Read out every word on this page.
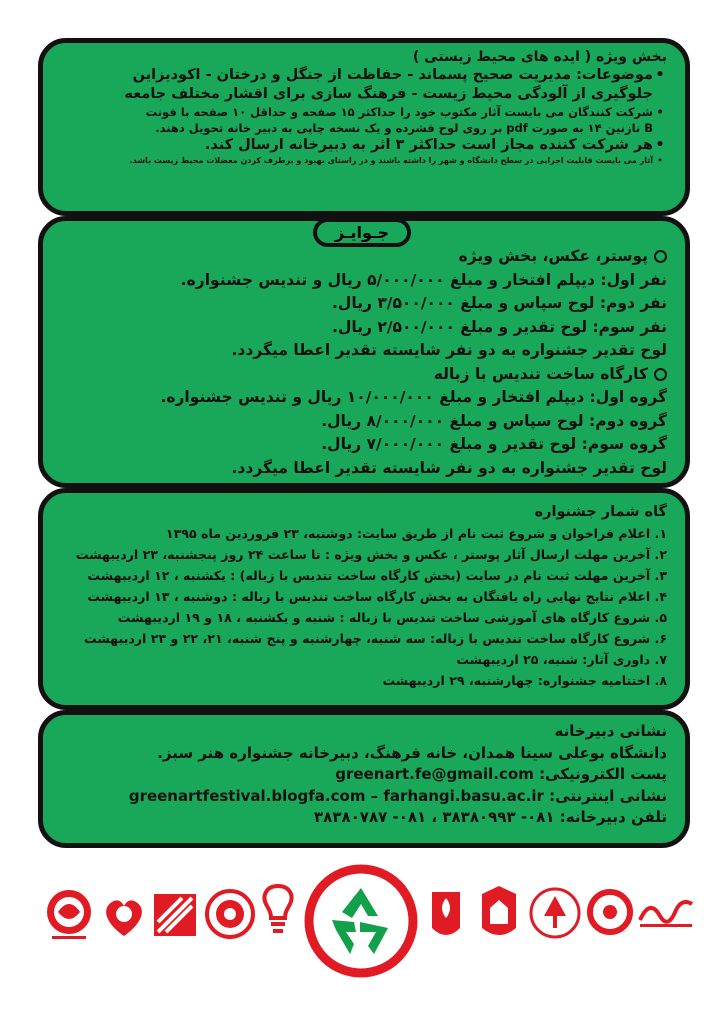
بخش ویژه ( ایده های محیط زیستی )
•موضوعات: مدیریت صحیح پسماند - حفاظت از جنگل و درختان - اکودیزاین
جلوگیری از آلودگی محیط زیست - فرهنگ سازی برای اقشار مختلف جامعه
•شرکت کنندگان می بایست آثار مکتوب خود را حداکثر ۱۵ صفحه و حداقل ۱۰ صفحه با فونت
B نازنین ۱۴ به صورت pdf بر روی لوح فشرده و یک نسخه چاپی به دبیر خانه تحویل دهند.
•هر شرکت کننده مجاز است حداکثر ۳ اثر به دبیرخانه ارسال کند.
•آثار می بایست قابلیت اجرایی در سطح دانشگاه و شهر را داشته باشند و در راستای بهبود و برطرف کردن معضلات محیط زیست باشد.
پوستر، عکس، بخش ویژه
نفر اول: دیپلم افتخار و مبلغ ۵/۰۰۰/۰۰۰ ریال و تندیس جشنواره.
نفر دوم: لوح سپاس و مبلغ ۳/۵۰۰/۰۰۰ ریال.
نفر سوم: لوح تقدیر و مبلغ ۲/۵۰۰/۰۰۰ ریال.
لوح تقدیر جشنواره به دو نفر شایسته تقدیر اعطا میگردد.
کارگاه ساخت تندیس با زباله
گروه اول: دیپلم افتخار و مبلغ ۱۰/۰۰۰/۰۰۰ ریال و تندیس جشنواره.
گروه دوم: لوح سپاس و مبلغ ۸/۰۰۰/۰۰۰ ریال.
گروه سوم: لوح تقدیر و مبلغ ۷/۰۰۰/۰۰۰ ریال.
لوح تقدیر جشنواره به دو نفر شایسته تقدیر اعطا میگردد.
جـوایـز
گاه شمار جشنواره
۱. اعلام فراخوان و شروع ثبت نام از طریق سایت: دوشنبه، ۲۳ فروردین ماه ۱۳۹۵
۲. آخرین مهلت ارسال آثار پوستر ، عکس و بخش ویژه : تا ساعت ۲۴ روز پنجشنبه، ۲۳ اردیبهشت
۳. آخرین مهلت ثبت نام در سایت (بخش کارگاه ساخت تندیس با زباله) : یکشنبه ، ۱۲ اردیبهشت
۴. اعلام نتایج نهایی راه یافتگان به بخش کارگاه ساخت تندیس با زباله : دوشنبه ، ۱۳ اردیبهشت
۵. شروع کارگاه های آموزشی ساخت تندیس با زباله : شنبه و یکشنبه ، ۱۸ و ۱۹ اردیبهشت
۶. شروع کارگاه ساخت تندیس با زباله: سه شنبه، چهارشنبه و پنج شنبه، ۲۱، ۲۲ و ۲۳ اردیبهشت
۷. داوری آثار: شنبه، ۲۵ اردیبهشت
۸. اختتامیه جشنواره: چهارشنبه، ۲۹ اردیبهشت
نشانی دبیرخانه
دانشگاه بوعلی سینا همدان، خانه فرهنگ، دبیرخانه جشنواره هنر سبز.
پست الکترونیکی: greenart.fe@gmail.com
نشانی اینترنتی: greenartfestival.blogfa.com – farhangi.basu.ac.ir
تلفن دبیرخانه: ۰۸۱- ۳۸۳۸۰۹۹۳ ، ۰۸۱- ۳۸۳۸۰۷۸۷
